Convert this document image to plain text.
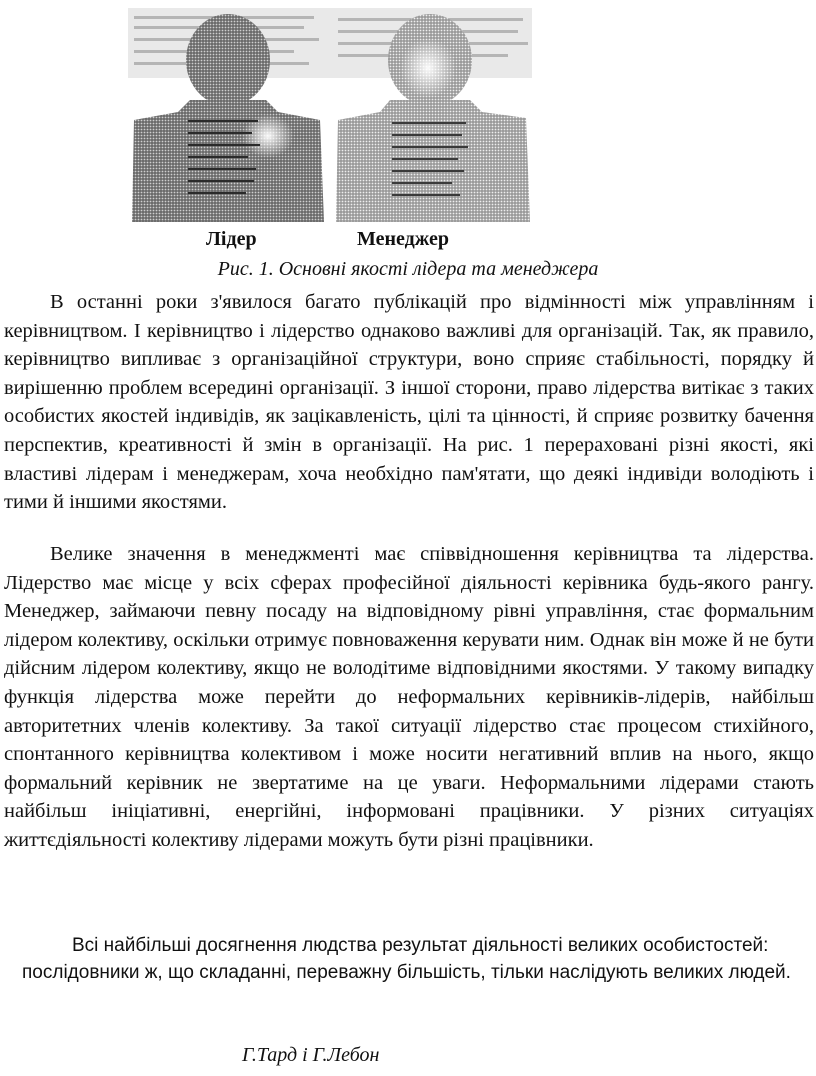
Лідер	Менеджер
Рис. 1. Основні якості лідера та менеджера
В останні роки з'явилося багато публікацій про відмінності між управлінням і керівництвом. І керівництво і лідерство однаково важливі для організацій. Так, як правило, керівництво випливає з організаційної структури, воно сприяє стабільності, порядку й вирішенню проблем всередині організації. З іншої сторони, право лідерства витікає з таких особистих якостей індивідів, як зацікавленість, цілі та цінності, й сприяє розвитку бачення перспектив, креативності й змін в організації. На рис. 1 перераховані різні якості, які властиві лідерам і менеджерам, хоча необхідно пам'ятати, що деякі індивіди володіють і тими й іншими якостями.
Велике значення в менеджменті має співвідношення керівництва та лідерства. Лідерство має місце у всіх сферах професійної діяльності керівника будь-якого рангу. Менеджер, займаючи певну посаду на відповідному рівні управління, стає формальним лідером колективу, оскільки отримує повноваження керувати ним. Однак він може й не бути дійсним лідером колективу, якщо не володітиме відповідними якостями. У такому випадку функція лідерства може перейти до неформальних керівників-лідерів, найбільш авторитетних членів колективу. За такої ситуації лідерство стає процесом стихійного, спонтанного керівництва колективом і може носити негативний вплив на нього, якщо формальний керівник не звертатиме на це уваги. Неформальними лідерами стають найбільш ініціативні, енергійні, інформовані працівники. У різних ситуаціях життєдіяльності колективу лідерами можуть бути різні працівники.
Всі найбільші досягнення людства результат діяльності великих особистостей:
послідовники ж, що складанні, переважну більшість, тільки наслідують великих людей.
Г.Тард і Г.Лебон
